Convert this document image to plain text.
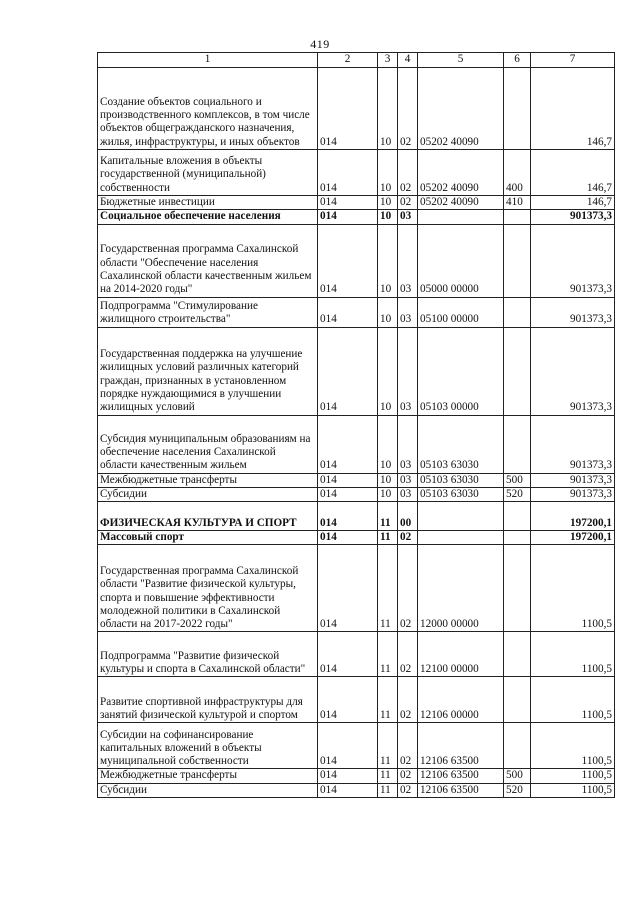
419
1	2	3	4	5	6	7
Создание объектов социального и производственного комплексов, в том числе объектов общегражданского назначения, жилья, инфраструктуры, и иных объектов	014	10	02	05202 40090		146,7
Капитальные вложения в объекты государственной (муниципальной) собственности	014	10	02	05202 40090	400	146,7
Бюджетные инвестиции	014	10	02	05202 40090	410	146,7
Социальное обеспечение населения	014	10	03			901373,3
Государственная программа Сахалинской области "Обеспечение населения Сахалинской области качественным жильем на 2014-2020 годы"	014	10	03	05000 00000		901373,3
Подпрограмма "Стимулирование жилищного строительства"	014	10	03	05100 00000		901373,3
Государственная поддержка на улучшение жилищных условий различных категорий граждан, признанных в установленном порядке нуждающимися в улучшении жилищных условий	014	10	03	05103 00000		901373,3
Субсидия муниципальным образованиям на обеспечение населения Сахалинской области качественным жильем	014	10	03	05103 63030		901373,3
Межбюджетные трансферты	014	10	03	05103 63030	500	901373,3
Субсидии	014	10	03	05103 63030	520	901373,3
ФИЗИЧЕСКАЯ КУЛЬТУРА И СПОРТ	014	11	00			197200,1
Массовый спорт	014	11	02			197200,1
Государственная программа Сахалинской области "Развитие физической культуры, спорта и повышение эффективности молодежной политики в Сахалинской области на 2017-2022 годы"	014	11	02	12000 00000		1100,5
Подпрограмма "Развитие физической культуры и спорта в Сахалинской области"	014	11	02	12100 00000		1100,5
Развитие спортивной инфраструктуры для занятий физической культурой и спортом	014	11	02	12106 00000		1100,5
Субсидии на софинансирование капитальных вложений в объекты муниципальной собственности	014	11	02	12106 63500		1100,5
Межбюджетные трансферты	014	11	02	12106 63500	500	1100,5
Субсидии	014	11	02	12106 63500	520	1100,5
